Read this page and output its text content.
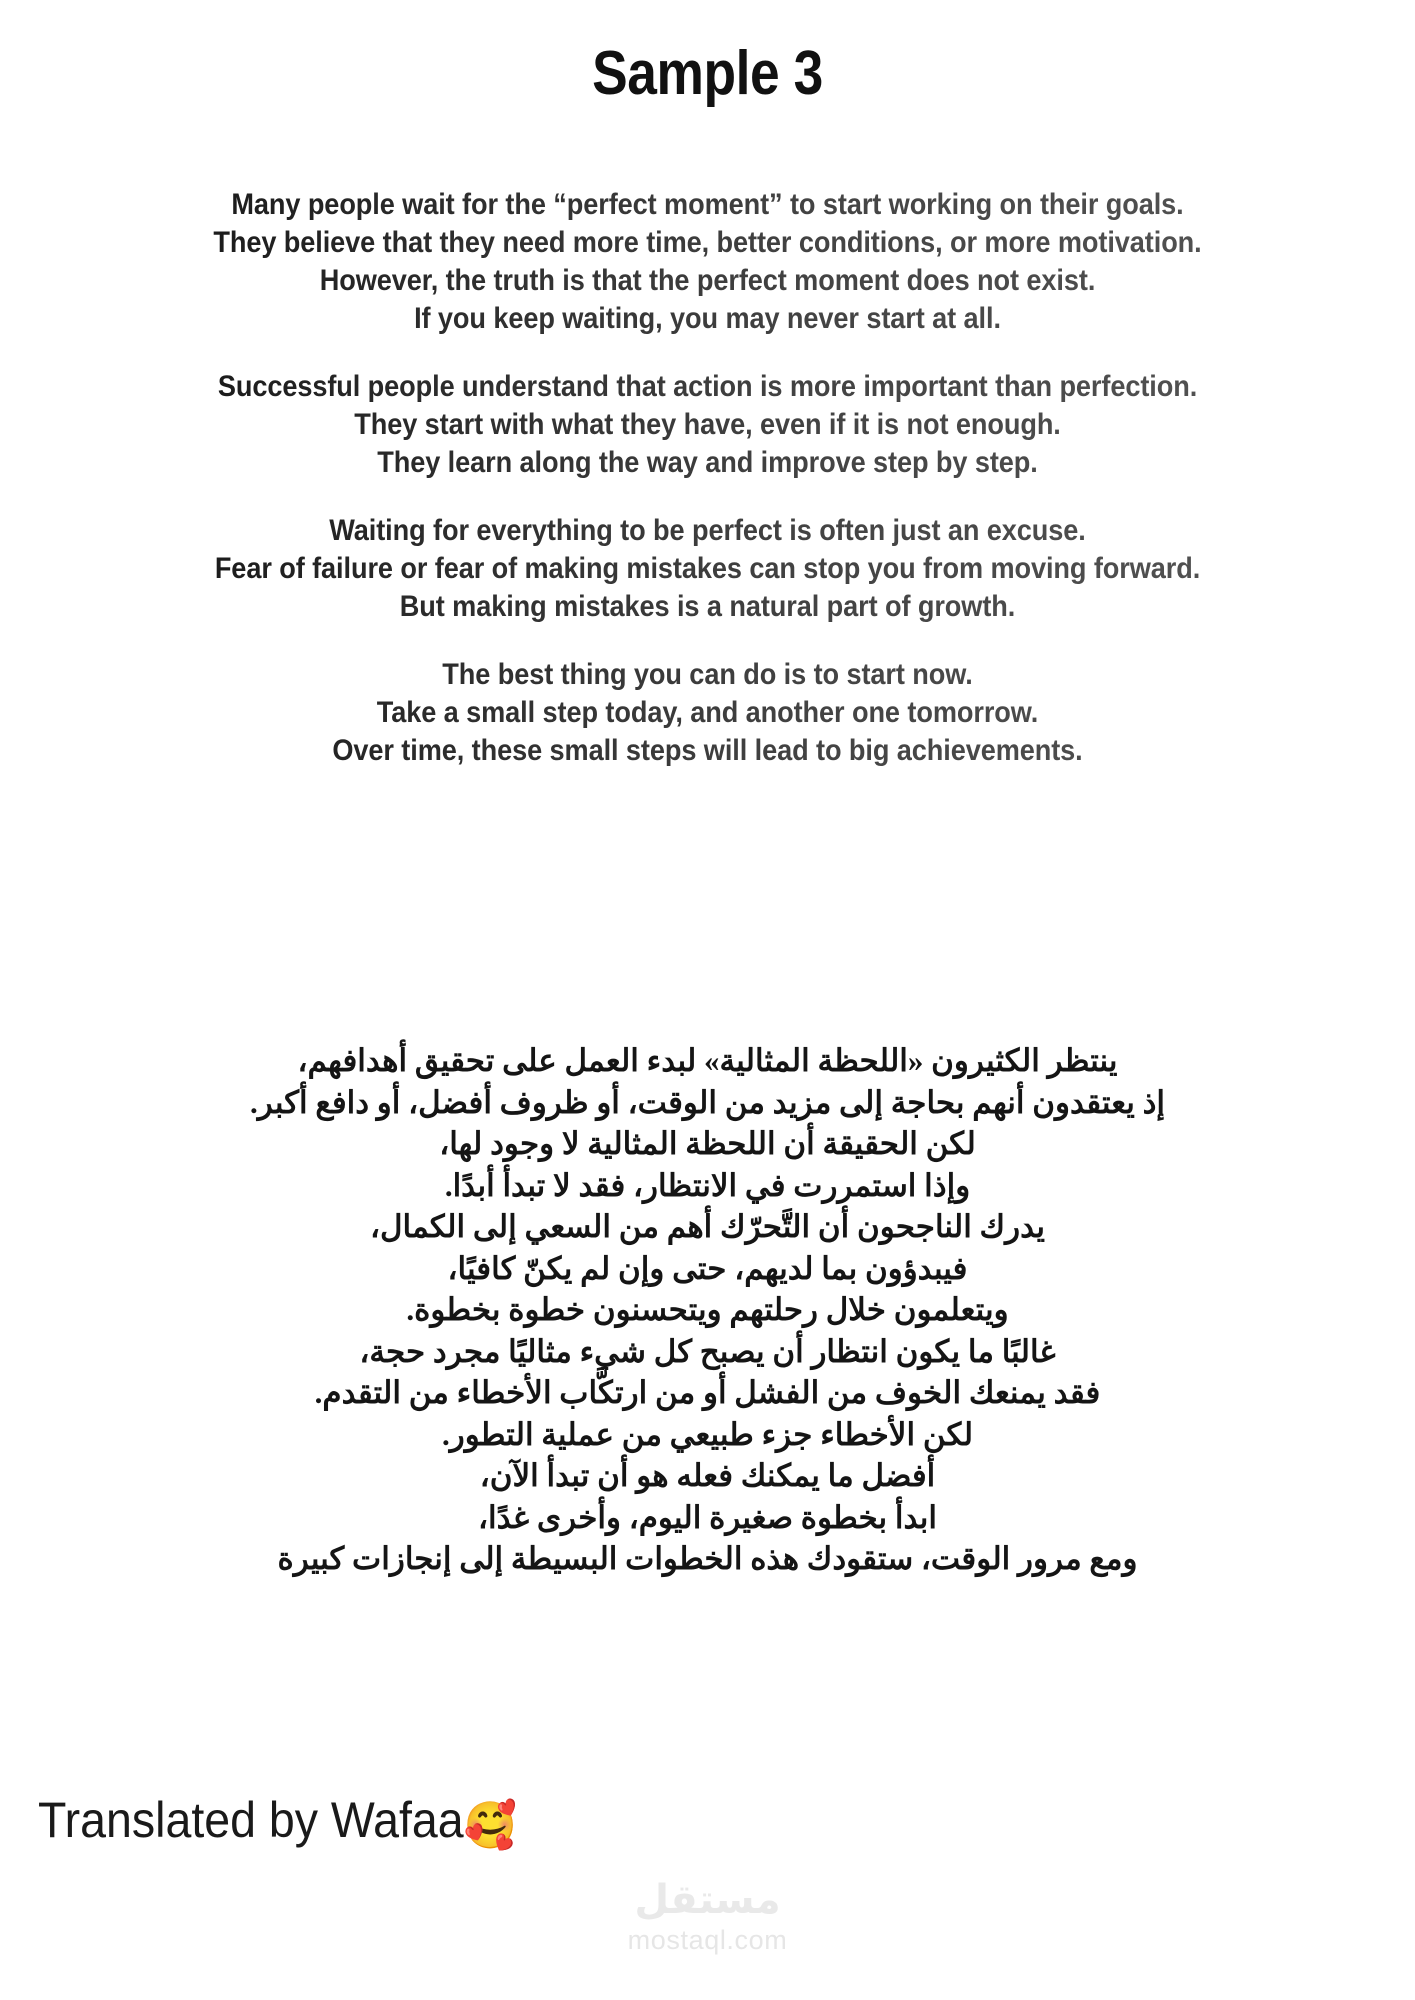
Sample 3
Many people wait for the “perfect moment” to start working on their goals.
They believe that they need more time, better conditions, or more motivation.
However, the truth is that the perfect moment does not exist.
If you keep waiting, you may never start at all.
Successful people understand that action is more important than perfection.
They start with what they have, even if it is not enough.
They learn along the way and improve step by step.
Waiting for everything to be perfect is often just an excuse.
Fear of failure or fear of making mistakes can stop you from moving forward.
But making mistakes is a natural part of growth.
The best thing you can do is to start now.
Take a small step today, and another one tomorrow.
Over time, these small steps will lead to big achievements.
ينتظر الكثيرون «اللحظة المثالية» لبدء العمل على تحقيق أهدافهم،
إذ يعتقدون أنهم بحاجة إلى مزيد من الوقت، أو ظروف أفضل، أو دافع أكبر.
لكن الحقيقة أن اللحظة المثالية لا وجود لها،
وإذا استمررت في الانتظار، فقد لا تبدأ أبدًا.
يدرك الناجحون أن التَّحرّك أهم من السعي إلى الكمال،
فيبدؤون بما لديهم، حتى وإن لم يكنّ كافيًا،
ويتعلمون خلال رحلتهم ويتحسنون خطوة بخطوة.
غالبًا ما يكون انتظار أن يصبح كل شيء مثاليًا مجرد حجة،
فقد يمنعك الخوف من الفشل أو من ارتكَّاب الأخطاء من التقدم.
لكن الأخطاء جزء طبيعي من عملية التطور.
أفضل ما يمكنك فعله هو أن تبدأ الآن،
ابدأ بخطوة صغيرة اليوم، وأخرى غدًا،
ومع مرور الوقت، ستقودك هذه الخطوات البسيطة إلى إنجازات كبيرة
Translated by Wafaa🥰
مستقل
mostaql.com
